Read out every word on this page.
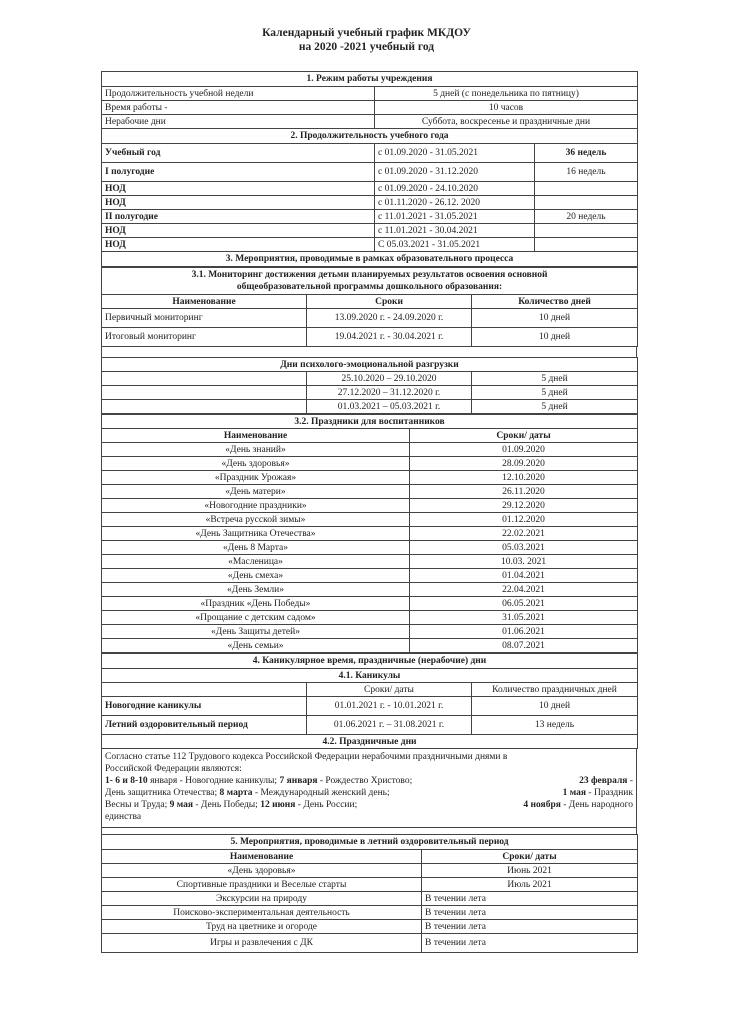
Календарный учебный график МКДОУ
на 2020 -2021 учебный год
1. Режим работы учреждения		
Продолжительность учебной недели	5 дней (с понедельника по пятницу)	
Время работы -	10 часов	
Нерабочие дни	Суббота, воскресенье и праздничные дни	
2. Продолжительность учебного года		
Учебный год	с 01.09.2020 - 31.05.2021	36 недель
I полугодие	с 01.09.2020 - 31.12.2020	16 недель
НОД	с 01.09.2020 - 24.10.2020	
НОД	с 01.11.2020 - 26.12. 2020	
II полугодие	с 11.01.2021 - 31.05.2021	20 недель
НОД	с 11.01.2021 - 30.04.2021	
НОД	С 05.03.2021 - 31.05.2021	
3. Мероприятия, проводимые в рамках образовательного процесса		
3.1. Мониторинг достижения детьми планируемых результатов освоения основной
общеобразовательной программы дошкольного образования:		

Наименование	Сроки	Количество дней
Первичный мониторинг	13.09.2020 г. - 24.09.2020 г.	10 дней
Итоговый мониторинг	19.04.2021 г. - 30.04.2021 г.	10 дней
Дни психолого-эмоциональной разгрузки		
	25.10.2020 – 29.10.2020	5 дней
	27.12.2020 – 31.12.2020 г.	5 дней
	01.03.2021 – 05.03.2021 г.	5 дней
3.2. Праздники для воспитанников	
Наименование	Сроки/ даты
«День знаний»	01.09.2020
«День здоровья»	28.09.2020
«Праздник Урожая»	12.10.2020
«День матери»	26.11.2020
«Новогодние праздники»	29.12.2020
«Встреча русской зимы»	01.12.2020
«День Защитника Отечества»	22.02.2021
«День 8 Марта»	05.03.2021
«Масленица»	10.03. 2021
«День смеха»	01.04.2021
«День Земли»	22.04.2021
«Праздник «День Победы»	06.05.2021
«Прощание с детским садом»	31.05.2021
«День Защиты детей»	01.06.2021
«День семьи»	08.07.2021
4. Каникулярное время, праздничные (нерабочие) дни		
4.1. Каникулы		
	Сроки/ даты	Количество праздничных дней
Новогодние каникулы	01.01.2021 г. - 10.01.2021 г.	10 дней
Летний оздоровительный период	01.06.2021 г. – 31.08.2021 г.	13 недель
4.2. Праздничные дни		
Согласно статье 112 Трудового кодекса Российской Федерации нерабочими праздничными днями в
Российской Федерации являются:
1- 6 и 8-10 января - Новогодние каникулы; 7 января - Рождество Христово;	23 февраля -
День защитника Отечества; 8 марта - Международный женский день;	1 мая - Праздник
Весны и Труда; 9 мая - День Победы; 12 июня - День России;	4 ноября - День народного
единства
5. Мероприятия, проводимые в летний оздоровительный период	
Наименование	Сроки/ даты
«День здоровья»	Июнь 2021
Спортивные праздники и Веселые старты	Июль 2021
Экскурсии на природу	В течении лета
Поисково-экспериментальная деятельность	В течении лета
Труд на цветнике и огороде	В течении лета
Игры и развлечения с ДК	В течении лета
